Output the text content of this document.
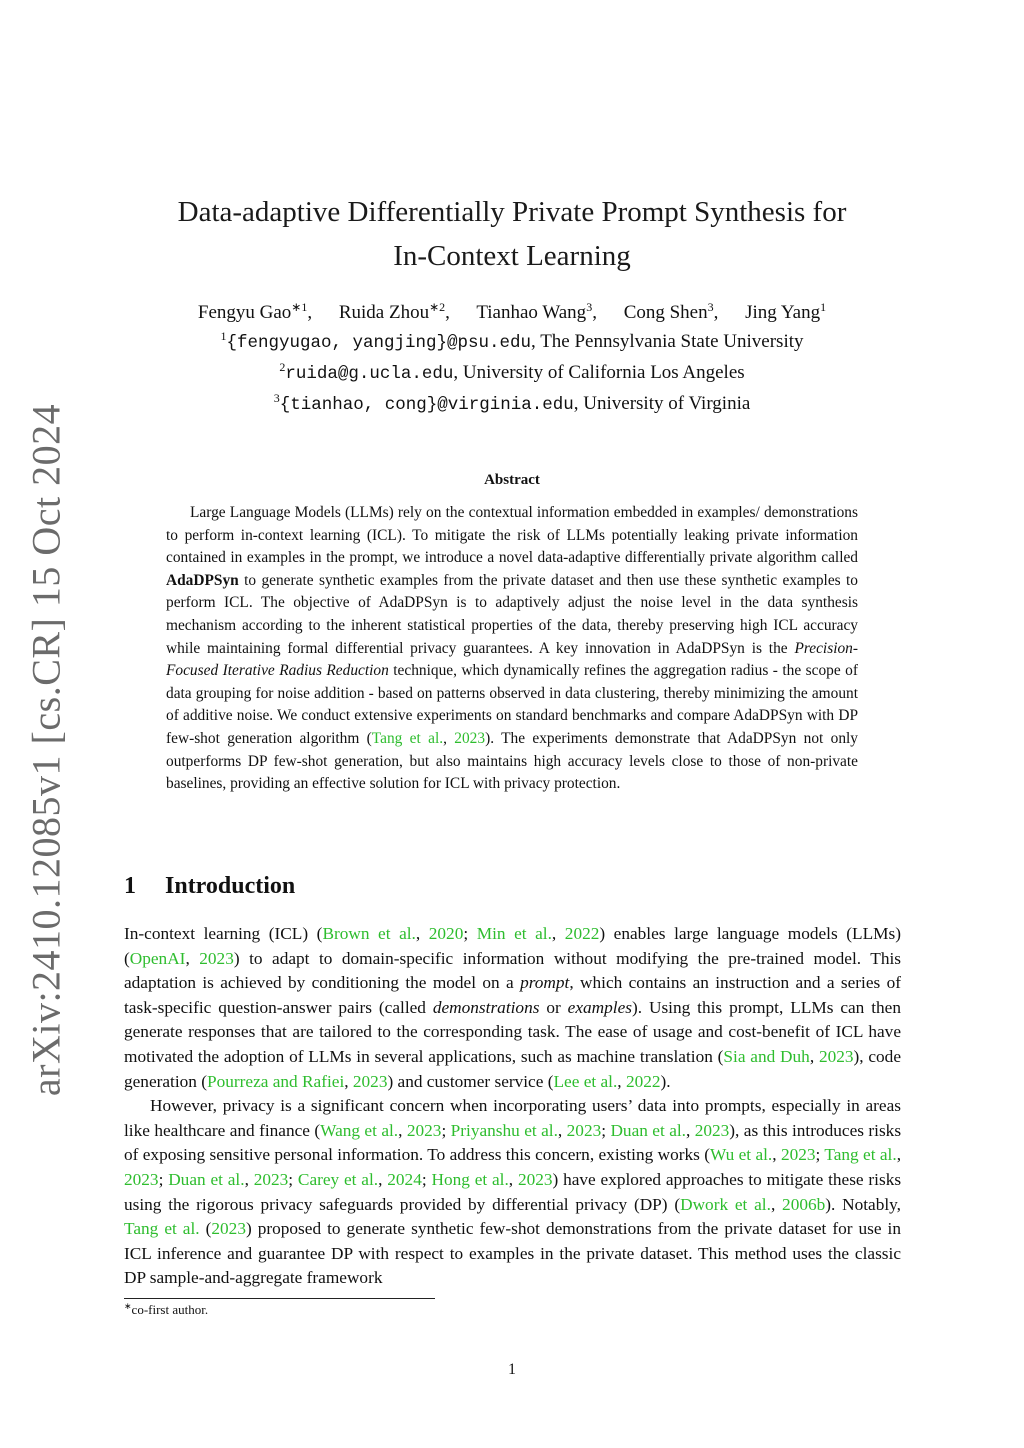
arXiv:2410.12085v1 [cs.CR] 15 Oct 2024
Data-adaptive Differentially Private Prompt Synthesis for
In-Context Learning
Fengyu Gao$^{∗1}$, Ruida Zhou$^{∗2}$, Tianhao Wang$^3$, Cong Shen$^3$, Jing Yang$^1$
$^1${fengyugao, yangjing}@psu.edu, The Pennsylvania State University
$^2$ruida@g.ucla.edu, University of California Los Angeles
$^3${tianhao, cong}@virginia.edu, University of Virginia
Abstract

Large Language Models (LLMs) rely on the contextual information embedded in examples/ demonstrations to perform in-context learning (ICL). To mitigate the risk of LLMs potentially leaking private information contained in examples in the prompt, we introduce a novel data-adaptive differentially private algorithm called AdaDPSyn to generate synthetic examples from the private dataset and then use these synthetic examples to perform ICL. The objective of AdaDPSyn is to adaptively adjust the noise level in the data synthesis mechanism according to the inherent statistical properties of the data, thereby preserving high ICL accuracy while maintaining formal differential privacy guarantees. A key innovation in AdaDPSyn is the Precision-Focused Iterative Radius Reduction technique, which dynamically refines the aggregation radius - the scope of data grouping for noise addition - based on patterns observed in data clustering, thereby minimizing the amount of additive noise. We conduct extensive experiments on standard benchmarks and compare AdaDPSyn with DP few-shot generation algorithm (Tang et al., 2023). The experiments demonstrate that AdaDPSyn not only outperforms DP few-shot generation, but also maintains high accuracy levels close to those of non-private baselines, providing an effective solution for ICL with privacy protection.

1 Introduction

In-context learning (ICL) (Brown et al., 2020; Min et al., 2022) enables large language models (LLMs) (OpenAI, 2023) to adapt to domain-specific information without modifying the pre-trained model. This adaptation is achieved by conditioning the model on a prompt, which contains an instruction and a series of task-specific question-answer pairs (called demonstrations or examples). Using this prompt, LLMs can then generate responses that are tailored to the corresponding task. The ease of usage and cost-benefit of ICL have motivated the adoption of LLMs in several applications, such as machine translation (Sia and Duh, 2023), code generation (Pourreza and Rafiei, 2023) and customer service (Lee et al., 2022).

However, privacy is a significant concern when incorporating users’ data into prompts, especially in areas like healthcare and finance (Wang et al., 2023; Priyanshu et al., 2023; Duan et al., 2023), as this introduces risks of exposing sensitive personal information. To address this concern, existing works (Wu et al., 2023; Tang et al., 2023; Duan et al., 2023; Carey et al., 2024; Hong et al., 2023) have explored approaches to mitigate these risks using the rigorous privacy safeguards provided by differential privacy (DP) (Dwork et al., 2006b). Notably, Tang et al. (2023) proposed to generate synthetic few-shot demonstrations from the private dataset for use in ICL inference and guarantee DP with respect to examples in the private dataset. This method uses the classic DP sample-and-aggregate framework

∗co-first author.
1
